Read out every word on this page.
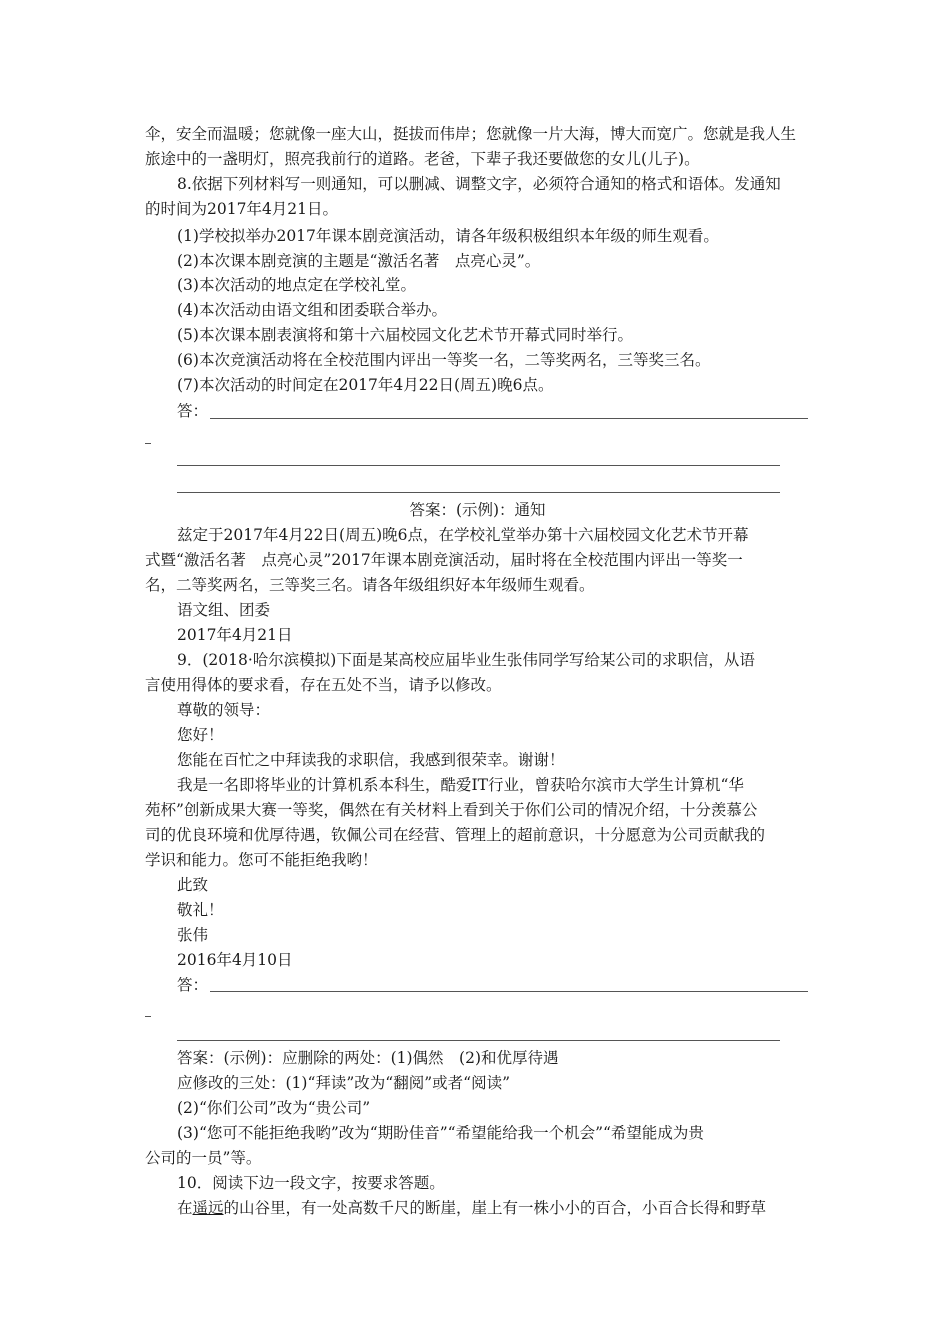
伞，安全而温暖；您就像一座大山，挺拔而伟岸；您就像一片大海，博大而宽广。您就是我人生
旅途中的一盏明灯，照亮我前行的道路。老爸，下辈子我还要做您的女儿(儿子)。
8.依据下列材料写一则通知，可以删减、调整文字，必须符合通知的格式和语体。发通知
的时间为2017年4月21日。
(1)学校拟举办2017年课本剧竞演活动，请各年级积极组织本年级的师生观看。
(2)本次课本剧竞演的主题是“激活名著　点亮心灵”。
(3)本次活动的地点定在学校礼堂。
(4)本次活动由语文组和团委联合举办。
(5)本次课本剧表演将和第十六届校园文化艺术节开幕式同时举行。
(6)本次竞演活动将在全校范围内评出一等奖一名，二等奖两名，三等奖三名。
(7)本次活动的时间定在2017年4月22日(周五)晚6点。
答：
答案：(示例)：通知
兹定于2017年4月22日(周五)晚6点，在学校礼堂举办第十六届校园文化艺术节开幕
式暨“激活名著　点亮心灵”2017年课本剧竞演活动，届时将在全校范围内评出一等奖一
名，二等奖两名，三等奖三名。请各年级组织好本年级师生观看。
语文组、团委
2017年4月21日
9．(2018·哈尔滨模拟)下面是某高校应届毕业生张伟同学写给某公司的求职信，从语
言使用得体的要求看，存在五处不当，请予以修改。
尊敬的领导：
您好！
您能在百忙之中拜读我的求职信，我感到很荣幸。谢谢！
我是一名即将毕业的计算机系本科生，酷爱IT行业，曾获哈尔滨市大学生计算机“华
苑杯”创新成果大赛一等奖，偶然在有关材料上看到关于你们公司的情况介绍，十分羡慕公
司的优良环境和优厚待遇，钦佩公司在经营、管理上的超前意识，十分愿意为公司贡献我的
学识和能力。您可不能拒绝我哟！
此致
敬礼！
张伟
2016年4月10日
答：
答案：(示例)：应删除的两处：(1)偶然　(2)和优厚待遇
应修改的三处：(1)“拜读”改为“翻阅”或者“阅读”
(2)“你们公司”改为“贵公司”
(3)“您可不能拒绝我哟”改为“期盼佳音”“希望能给我一个机会”“希望能成为贵
公司的一员”等。
10．阅读下边一段文字，按要求答题。
在遥远的山谷里，有一处高数千尺的断崖，崖上有一株小小的百合，小百合长得和野草
